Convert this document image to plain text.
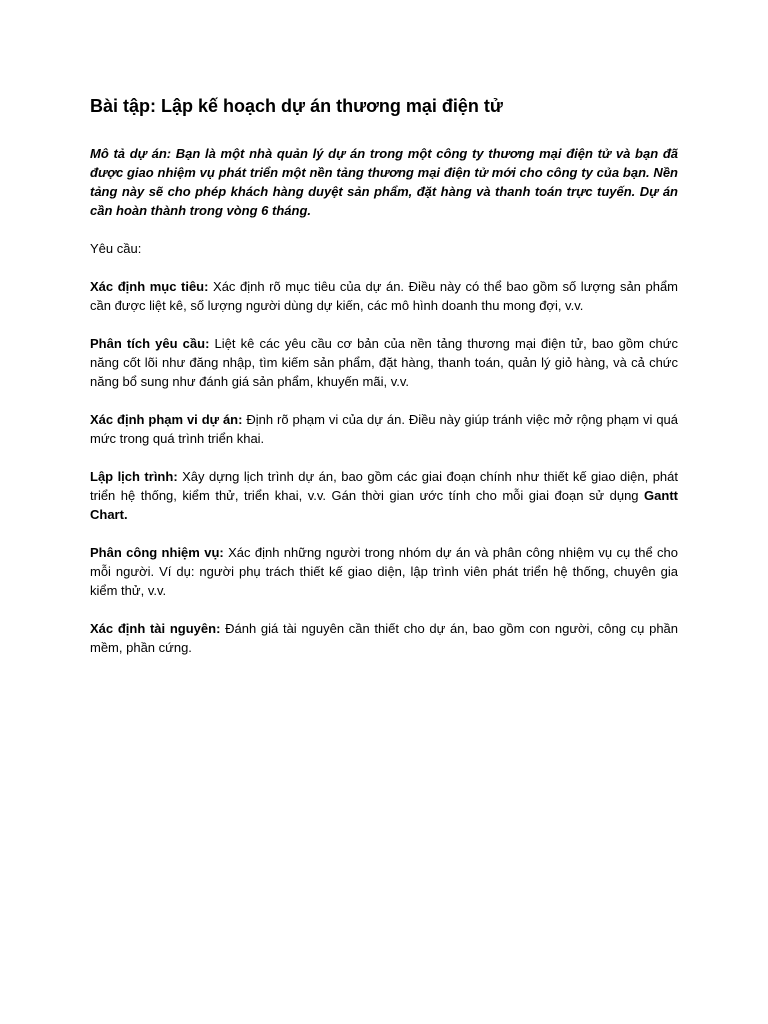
Bài tập: Lập kế hoạch dự án thương mại điện tử

Mô tả dự án: Bạn là một nhà quản lý dự án trong một công ty thương mại điện tử và bạn đã được giao nhiệm vụ phát triển một nền tảng thương mại điện tử mới cho công ty của bạn. Nền tảng này sẽ cho phép khách hàng duyệt sản phẩm, đặt hàng và thanh toán trực tuyến. Dự án cần hoàn thành trong vòng 6 tháng.

Yêu cầu:

Xác định mục tiêu: Xác định rõ mục tiêu của dự án. Điều này có thể bao gồm số lượng sản phẩm cần được liệt kê, số lượng người dùng dự kiến, các mô hình doanh thu mong đợi, v.v.

Phân tích yêu cầu: Liệt kê các yêu cầu cơ bản của nền tảng thương mại điện tử, bao gồm chức năng cốt lõi như đăng nhập, tìm kiếm sản phẩm, đặt hàng, thanh toán, quản lý giỏ hàng, và cả chức năng bổ sung như đánh giá sản phẩm, khuyến mãi, v.v.

Xác định phạm vi dự án: Định rõ phạm vi của dự án. Điều này giúp tránh việc mở rộng phạm vi quá mức trong quá trình triển khai.

Lập lịch trình: Xây dựng lịch trình dự án, bao gồm các giai đoạn chính như thiết kế giao diện, phát triển hệ thống, kiểm thử, triển khai, v.v. Gán thời gian ước tính cho mỗi giai đoạn sử dụng Gantt Chart.

Phân công nhiệm vụ: Xác định những người trong nhóm dự án và phân công nhiệm vụ cụ thể cho mỗi người. Ví dụ: người phụ trách thiết kế giao diện, lập trình viên phát triển hệ thống, chuyên gia kiểm thử, v.v.

Xác định tài nguyên: Đánh giá tài nguyên cần thiết cho dự án, bao gồm con người, công cụ phần mềm, phần cứng.
